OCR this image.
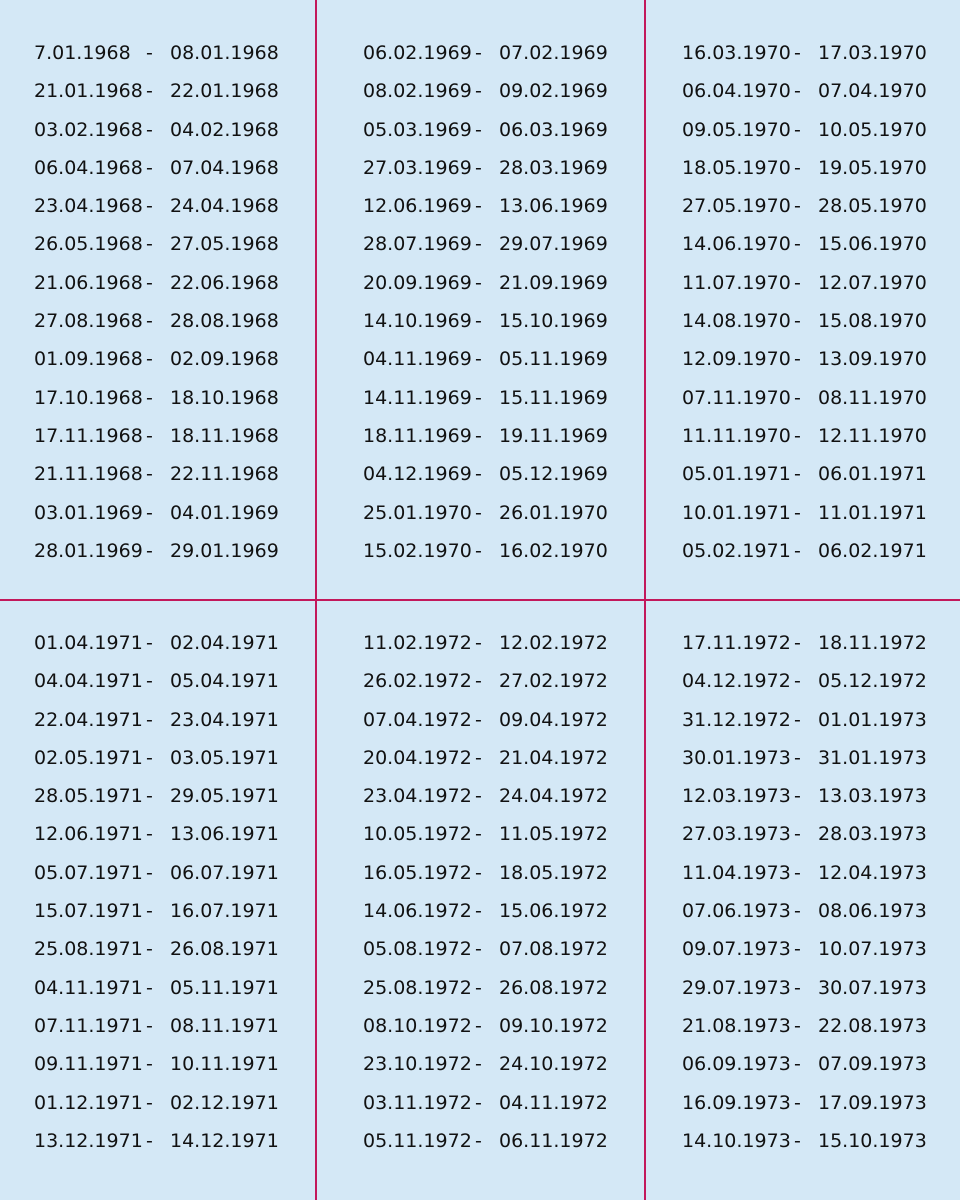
7.01.1968 - 08.01.1968
21.01.1968 - 22.01.1968
03.02.1968 - 04.02.1968
06.04.1968 - 07.04.1968
23.04.1968 - 24.04.1968
26.05.1968 - 27.05.1968
21.06.1968 - 22.06.1968
27.08.1968 - 28.08.1968
01.09.1968 - 02.09.1968
17.10.1968 - 18.10.1968
17.11.1968 - 18.11.1968
21.11.1968 - 22.11.1968
03.01.1969 - 04.01.1969
28.01.1969 - 29.01.1969
06.02.1969 - 07.02.1969
08.02.1969 - 09.02.1969
05.03.1969 - 06.03.1969
27.03.1969 - 28.03.1969
12.06.1969 - 13.06.1969
28.07.1969 - 29.07.1969
20.09.1969 - 21.09.1969
14.10.1969 - 15.10.1969
04.11.1969 - 05.11.1969
14.11.1969 - 15.11.1969
18.11.1969 - 19.11.1969
04.12.1969 - 05.12.1969
25.01.1970 - 26.01.1970
15.02.1970 - 16.02.1970
16.03.1970 - 17.03.1970
06.04.1970 - 07.04.1970
09.05.1970 - 10.05.1970
18.05.1970 - 19.05.1970
27.05.1970 - 28.05.1970
14.06.1970 - 15.06.1970
11.07.1970 - 12.07.1970
14.08.1970 - 15.08.1970
12.09.1970 - 13.09.1970
07.11.1970 - 08.11.1970
11.11.1970 - 12.11.1970
05.01.1971 - 06.01.1971
10.01.1971 - 11.01.1971
05.02.1971 - 06.02.1971
01.04.1971 - 02.04.1971
04.04.1971 - 05.04.1971
22.04.1971 - 23.04.1971
02.05.1971 - 03.05.1971
28.05.1971 - 29.05.1971
12.06.1971 - 13.06.1971
05.07.1971 - 06.07.1971
15.07.1971 - 16.07.1971
25.08.1971 - 26.08.1971
04.11.1971 - 05.11.1971
07.11.1971 - 08.11.1971
09.11.1971 - 10.11.1971
01.12.1971 - 02.12.1971
13.12.1971 - 14.12.1971
11.02.1972 - 12.02.1972
26.02.1972 - 27.02.1972
07.04.1972 - 09.04.1972
20.04.1972 - 21.04.1972
23.04.1972 - 24.04.1972
10.05.1972 - 11.05.1972
16.05.1972 - 18.05.1972
14.06.1972 - 15.06.1972
05.08.1972 - 07.08.1972
25.08.1972 - 26.08.1972
08.10.1972 - 09.10.1972
23.10.1972 - 24.10.1972
03.11.1972 - 04.11.1972
05.11.1972 - 06.11.1972
17.11.1972 - 18.11.1972
04.12.1972 - 05.12.1972
31.12.1972 - 01.01.1973
30.01.1973 - 31.01.1973
12.03.1973 - 13.03.1973
27.03.1973 - 28.03.1973
11.04.1973 - 12.04.1973
07.06.1973 - 08.06.1973
09.07.1973 - 10.07.1973
29.07.1973 - 30.07.1973
21.08.1973 - 22.08.1973
06.09.1973 - 07.09.1973
16.09.1973 - 17.09.1973
14.10.1973 - 15.10.1973
